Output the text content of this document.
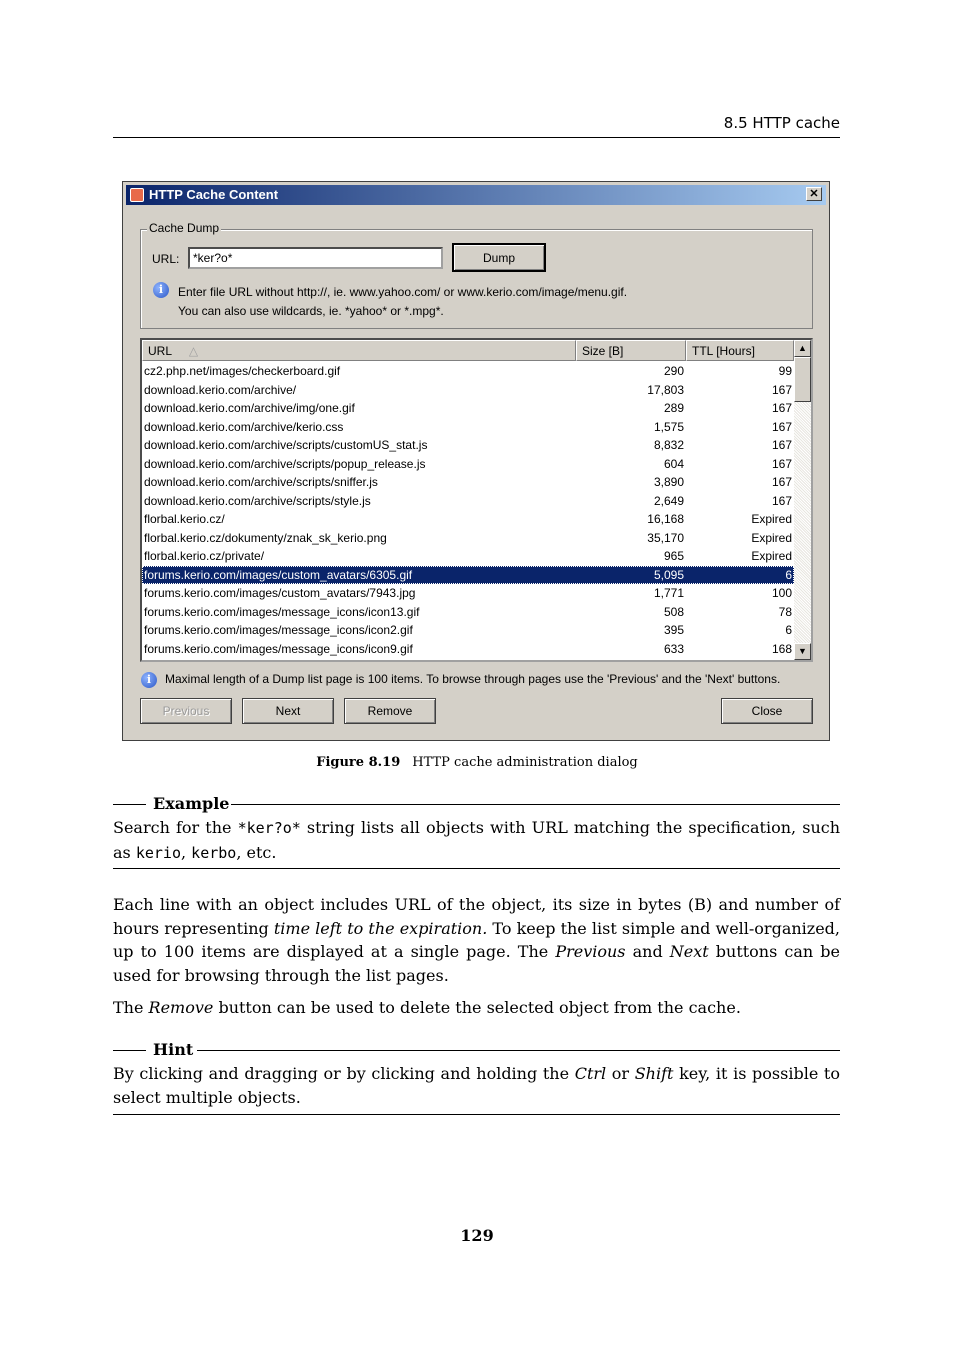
8.5 HTTP cache
HTTP Cache Content	✕
Cache Dump
URL:
*ker?o*	Dump
i	Enter file URL without http://, ie. www.yahoo.com/ or www.kerio.com/image/menu.gif.
You can also use wildcards, ie. *yahoo* or *.mpg*.
URL △	Size [B]	TTL [Hours]
cz2.php.net/images/checkerboard.gif	290	99
download.kerio.com/archive/	17,803	167
download.kerio.com/archive/img/one.gif	289	167
download.kerio.com/archive/kerio.css	1,575	167
download.kerio.com/archive/scripts/customUS_stat.js	8,832	167
download.kerio.com/archive/scripts/popup_release.js	604	167
download.kerio.com/archive/scripts/sniffer.js	3,890	167
download.kerio.com/archive/scripts/style.js	2,649	167
florbal.kerio.cz/	16,168	Expired
florbal.kerio.cz/dokumenty/znak_sk_kerio.png	35,170	Expired
florbal.kerio.cz/private/	965	Expired
forums.kerio.com/images/custom_avatars/6305.gif	5,095	6
forums.kerio.com/images/custom_avatars/7943.jpg	1,771	100
forums.kerio.com/images/message_icons/icon13.gif	508	78
forums.kerio.com/images/message_icons/icon2.gif	395	6
forums.kerio.com/images/message_icons/icon9.gif	633	168
▲
▼
i	Maximal length of a Dump list page is 100 items. To browse through pages use the 'Previous' and the 'Next' buttons.
Previous	Next	Remove	Close
Figure 8.19 HTTP cache administration dialog
Example
Search for the *ker?o* string lists all objects with URL matching the specification, such as kerio, kerbo, etc.
Each line with an object includes URL of the object, its size in bytes (B) and number of hours representing time left to the expiration. To keep the list simple and well-organized, up to 100 items are displayed at a single page. The Previous and Next buttons can be used for browsing through the list pages.
The Remove button can be used to delete the selected object from the cache.
Hint
By clicking and dragging or by clicking and holding the Ctrl or Shift key, it is possible to select multiple objects.
129
